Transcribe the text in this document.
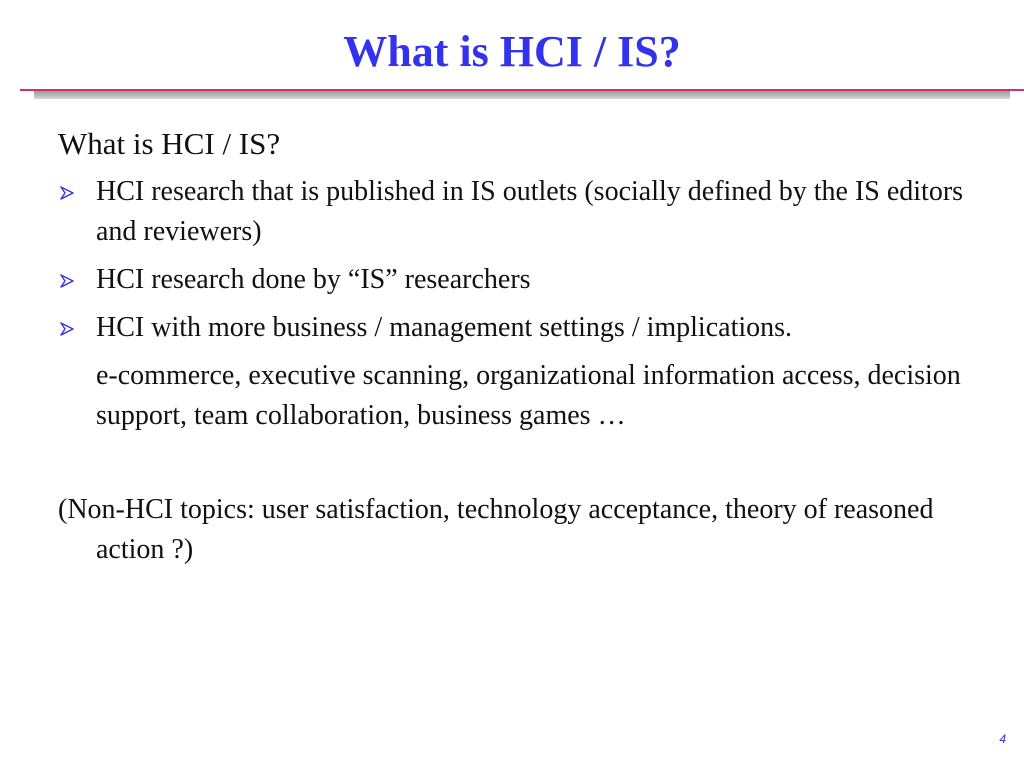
What is HCI / IS?
What is HCI / IS?
HCI research that is published in IS outlets (socially defined by the IS editors and reviewers)
HCI research done by “IS” researchers
HCI with more business / management settings / implications.
e-commerce, executive scanning, organizational information access, decision support, team collaboration, business games …
(Non-HCI topics: user satisfaction, technology acceptance, theory of reasoned action ?)
4
